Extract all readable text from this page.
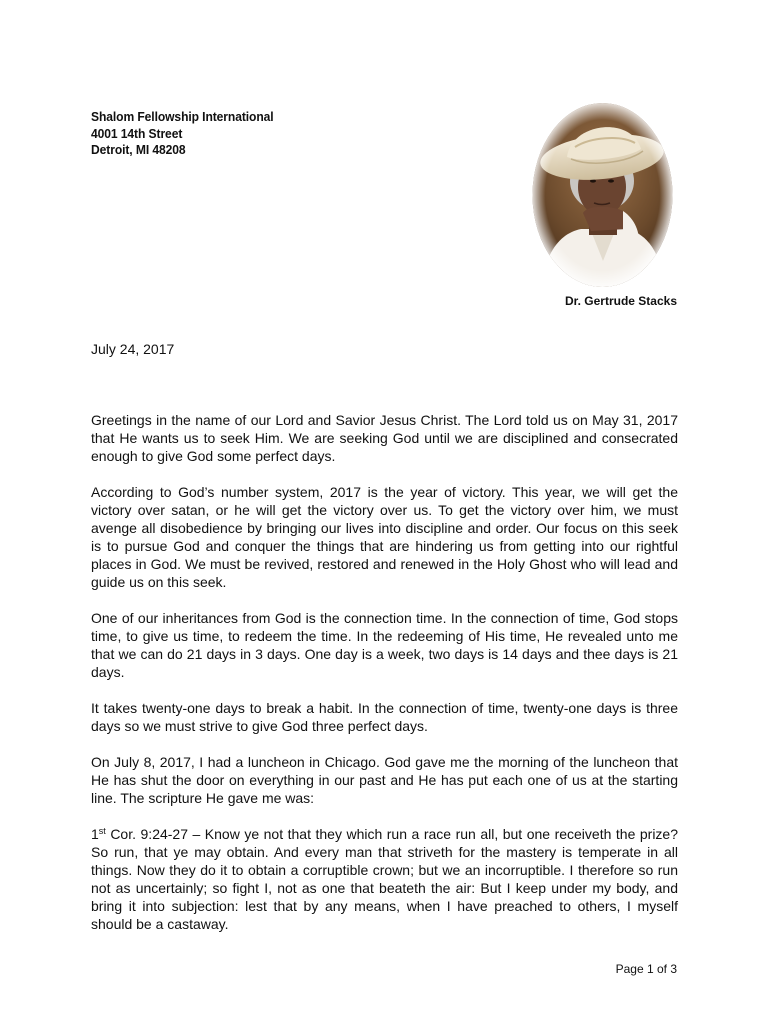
Shalom Fellowship International
4001 14th Street
Detroit, MI 48208
Dr. Gertrude Stacks
July 24, 2017

Greetings in the name of our Lord and Savior Jesus Christ. The Lord told us on May 31, 2017 that He wants us to seek Him. We are seeking God until we are disciplined and consecrated enough to give God some perfect days.

According to God’s number system, 2017 is the year of victory. This year, we will get the victory over satan, or he will get the victory over us. To get the victory over him, we must avenge all disobedience by bringing our lives into discipline and order. Our focus on this seek is to pursue God and conquer the things that are hindering us from getting into our rightful places in God. We must be revived, restored and renewed in the Holy Ghost who will lead and guide us on this seek.

One of our inheritances from God is the connection time. In the connection of time, God stops time, to give us time, to redeem the time. In the redeeming of His time, He revealed unto me that we can do 21 days in 3 days. One day is a week, two days is 14 days and thee days is 21 days.

It takes twenty-one days to break a habit. In the connection of time, twenty-one days is three days so we must strive to give God three perfect days.

On July 8, 2017, I had a luncheon in Chicago. God gave me the morning of the luncheon that He has shut the door on everything in our past and He has put each one of us at the starting line. The scripture He gave me was:

1st Cor. 9:24-27 – Know ye not that they which run a race run all, but one receiveth the prize? So run, that ye may obtain. And every man that striveth for the mastery is temperate in all things. Now they do it to obtain a corruptible crown; but we an incorruptible. I therefore so run not as uncertainly; so fight I, not as one that beateth the air: But I keep under my body, and bring it into subjection: lest that by any means, when I have preached to others, I myself should be a castaway.

Page 1 of 3
